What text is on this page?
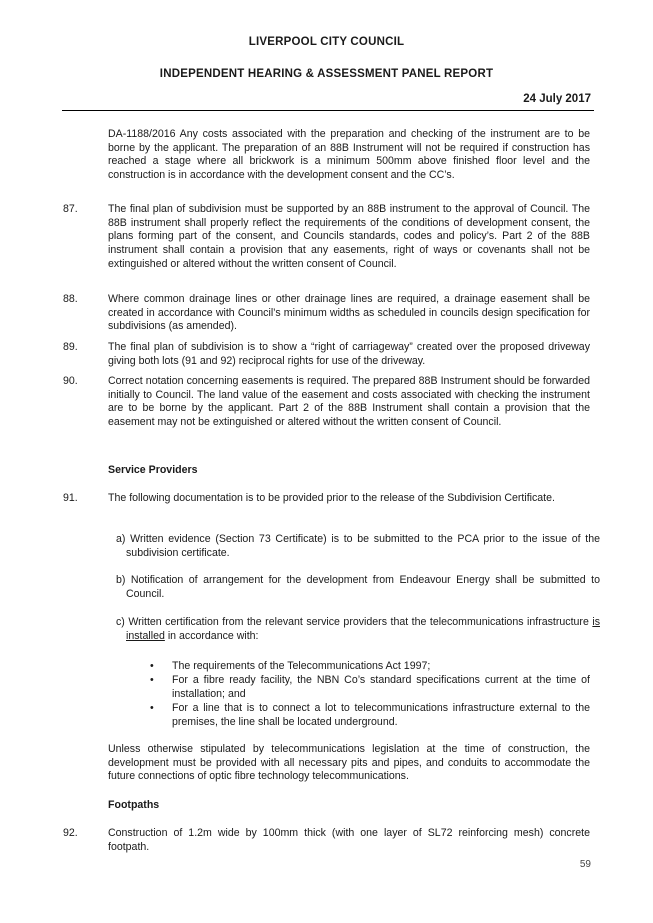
LIVERPOOL CITY COUNCIL
INDEPENDENT HEARING & ASSESSMENT PANEL REPORT
24 July 2017
DA-1188/2016 Any costs associated with the preparation and checking of the instrument are to be borne by the applicant. The preparation of an 88B Instrument will not be required if construction has reached a stage where all brickwork is a minimum 500mm above finished floor level and the construction is in accordance with the development consent and the CC’s.
87.	The final plan of subdivision must be supported by an 88B instrument to the approval of Council. The 88B instrument shall properly reflect the requirements of the conditions of development consent, the plans forming part of the consent, and Councils standards, codes and policy’s. Part 2 of the 88B instrument shall contain a provision that any easements, right of ways or covenants shall not be extinguished or altered without the written consent of Council.
88.	Where common drainage lines or other drainage lines are required, a drainage easement shall be created in accordance with Council’s minimum widths as scheduled in councils design specification for subdivisions (as amended).
89.	The final plan of subdivision is to show a “right of carriageway” created over the proposed driveway giving both lots (91 and 92) reciprocal rights for use of the driveway.
90.	Correct notation concerning easements is required. The prepared 88B Instrument should be forwarded initially to Council. The land value of the easement and costs associated with checking the instrument are to be borne by the applicant. Part 2 of the 88B Instrument shall contain a provision that the easement may not be extinguished or altered without the written consent of Council.
Service Providers
91.	The following documentation is to be provided prior to the release of the Subdivision Certificate.
a) Written evidence (Section 73 Certificate) is to be submitted to the PCA prior to the issue of the subdivision certificate.
b) Notification of arrangement for the development from Endeavour Energy shall be submitted to Council.
c) Written certification from the relevant service providers that the telecommunications infrastructure is installed in accordance with:
•	The requirements of the Telecommunications Act 1997;
•	For a fibre ready facility, the NBN Co’s standard specifications current at the time of installation; and
•	For a line that is to connect a lot to telecommunications infrastructure external to the premises, the line shall be located underground.
Unless otherwise stipulated by telecommunications legislation at the time of construction, the development must be provided with all necessary pits and pipes, and conduits to accommodate the future connections of optic fibre technology telecommunications.
Footpaths
92.	Construction of 1.2m wide by 100mm thick (with one layer of SL72 reinforcing mesh) concrete footpath.
59
